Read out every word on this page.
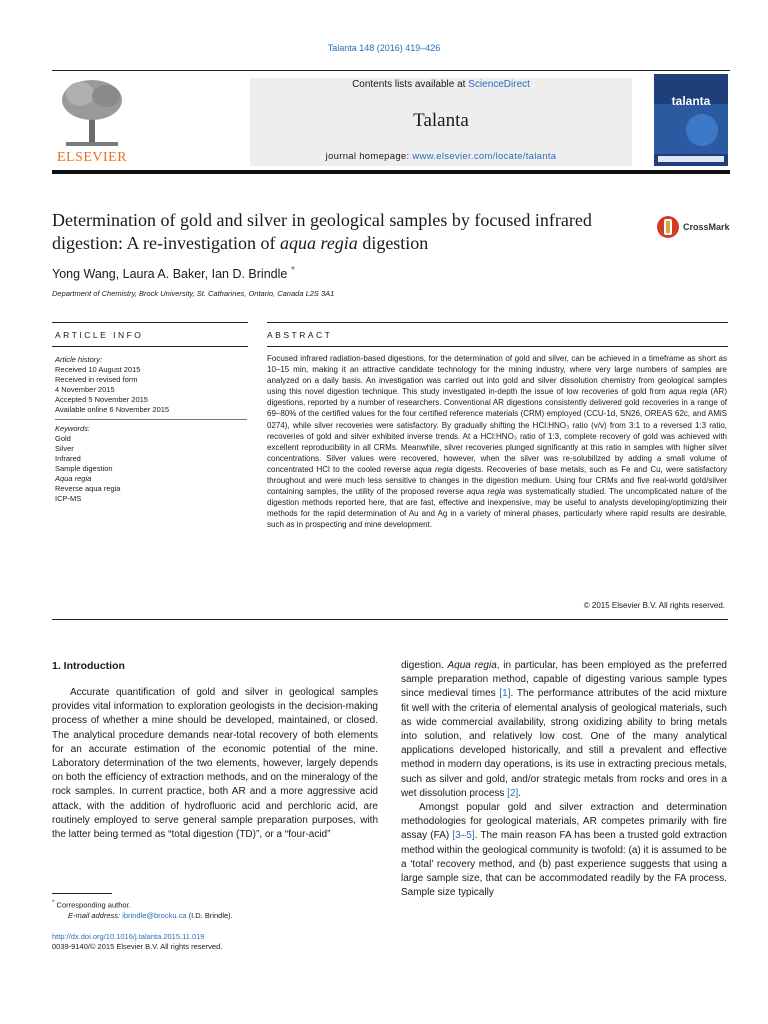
Talanta 148 (2016) 419–426
ELSEVIER
Contents lists available at ScienceDirect
Talanta
journal homepage: www.elsevier.com/locate/talanta
talanta
Determination of gold and silver in geological samples by focused infrared digestion: A re-investigation of aqua regia digestion
CrossMark
Yong Wang, Laura A. Baker, Ian D. Brindle *
Department of Chemistry, Brock University, St. Catharines, Ontario, Canada L2S 3A1
ARTICLE INFO	ABSTRACT
Article history:
Received 10 August 2015
Received in revised form
4 November 2015
Accepted 5 November 2015
Available online 6 November 2015
Keywords:
Gold
Silver
Infrared
Sample digestion
Aqua regia
Reverse aqua regia
ICP-MS
Focused infrared radiation-based digestions, for the determination of gold and silver, can be achieved in a timeframe as short as 10–15 min, making it an attractive candidate technology for the mining industry, where very large numbers of samples are analyzed on a daily basis. An investigation was carried out into gold and silver dissolution chemistry from geological samples using this novel digestion technique. This study investigated in-depth the issue of low recoveries of gold from aqua regia (AR) digestions, reported by a number of researchers. Conventional AR digestions consistently delivered gold recoveries in a range of 69–80% of the certified values for the four certified reference materials (CRM) employed (CCU-1d, SN26, OREAS 62c, and AMiS 0274), while silver recoveries were satisfactory. By gradually shifting the HCl:HNO₃ ratio (v/v) from 3:1 to a reversed 1:3 ratio, recoveries of gold and silver exhibited inverse trends. At a HCl:HNO₃ ratio of 1:3, complete recovery of gold was achieved with excellent reproducibility in all CRMs. Meanwhile, silver recoveries plunged significantly at this ratio in samples with higher silver concentrations. Silver values were recovered, however, when the silver was re-solubilized by adding a small volume of concentrated HCl to the cooled reverse aqua regia digests. Recoveries of base metals, such as Fe and Cu, were satisfactory throughout and were much less sensitive to changes in the digestion medium. Using four CRMs and five real-world gold/silver containing samples, the utility of the proposed reverse aqua regia was systematically studied. The uncomplicated nature of the digestion methods reported here, that are fast, effective and inexpensive, may be useful to analysts developing/optimizing their methods for the rapid determination of Au and Ag in a variety of mineral phases, particularly where rapid results are desirable, such as in prospecting and mine development.
© 2015 Elsevier B.V. All rights reserved.
1. Introduction
Accurate quantification of gold and silver in geological samples provides vital information to exploration geologists in the decision-making process of whether a mine should be developed, maintained, or closed. The analytical procedure demands near-total recovery of both elements for an accurate estimation of the economic potential of the mine. Laboratory determination of the two elements, however, largely depends on both the efficiency of extraction methods, and on the mineralogy of the rock samples. In current practice, both AR and a more aggressive acid attack, with the addition of hydrofluoric acid and perchloric acid, are routinely employed to serve general sample preparation purposes, with the latter being termed as “total digestion (TD)”, or a “four-acid”

digestion. Aqua regia, in particular, has been employed as the preferred sample preparation method, capable of digesting various sample types since medieval times [1]. The performance attributes of the acid mixture fit well with the criteria of elemental analysis of geological materials, such as wide commercial availability, strong oxidizing ability to bring metals into solution, and relatively low cost. One of the many analytical applications developed historically, and still a prevalent and effective method in modern day operations, is its use in extracting precious metals, such as silver and gold, and/or strategic metals from rocks and ores in a wet dissolution process [2].

Amongst popular gold and silver extraction and determination methodologies for geological materials, AR competes primarily with fire assay (FA) [3–5]. The main reason FA has been a trusted gold extraction method within the geological community is twofold: (a) it is assumed to be a ‘total’ recovery method, and (b) past experience suggests that using a large sample size, that can be accommodated readily by the FA process. Sample size typically

* Corresponding author.
E-mail address: ibrindle@brocku.ca (I.D. Brindle).
http://dx.doi.org/10.1016/j.talanta.2015.11.019
0039-9140/© 2015 Elsevier B.V. All rights reserved.
